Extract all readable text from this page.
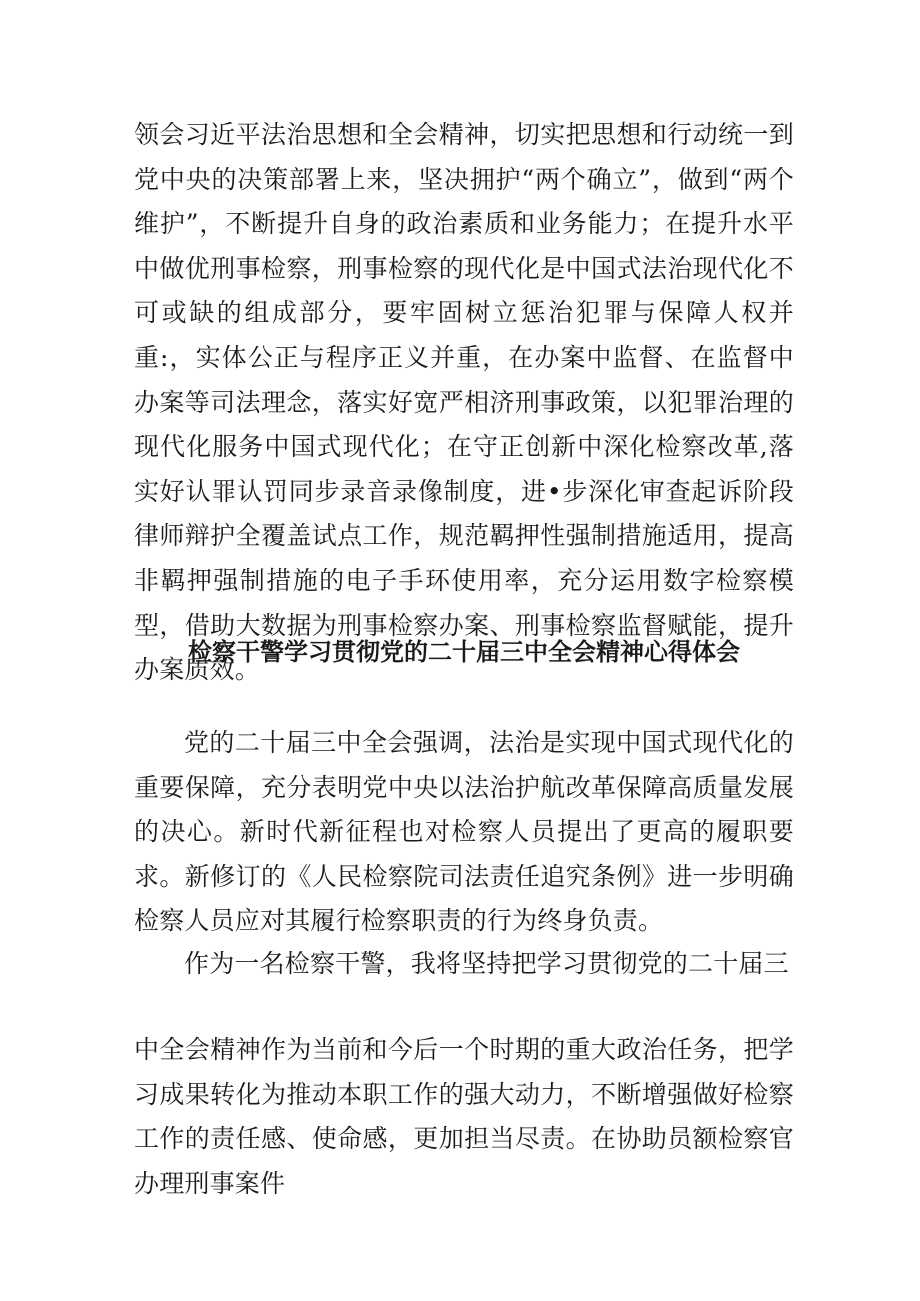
领会习近平法治思想和全会精神，切实把思想和行动统一到党中央的决策部署上来，坚决拥护“两个确立”，做到“两个维护”，不断提升自身的政治素质和业务能力；在提升水平中做优刑事检察，刑事检察的现代化是中国式法治现代化不可或缺的组成部分，要牢固树立惩治犯罪与保障人权并重:，实体公正与程序正义并重，在办案中监督、在监督中办案等司法理念，落实好宽严相济刑事政策，以犯罪治理的现代化服务中国式现代化；在守正创新中深化检察改革,落实好认罪认罚同步录音录像制度，进•步深化审查起诉阶段律师辩护全覆盖试点工作，规范羁押性强制措施适用，提高非羁押强制措施的电子手环使用率，充分运用数字检察模型，借助大数据为刑事检察办案、刑事检察监督赋能，提升办案质效。

检察干警学习贯彻党的二十届三中全会精神心得体会

党的二十届三中全会强调，法治是实现中国式现代化的重要保障，充分表明党中央以法治护航改革保障高质量发展的决心。新时代新征程也对检察人员提出了更高的履职要求。新修订的《人民检察院司法责任追究条例》进一步明确检察人员应对其履行检察职责的行为终身负责。

作为一名检察干警，我将坚持把学习贯彻党的二十届三

中全会精神作为当前和今后一个时期的重大政治任务，把学习成果转化为推动本职工作的强大动力，不断增强做好检察工作的责任感、使命感，更加担当尽责。在协助员额检察官办理刑事案件
